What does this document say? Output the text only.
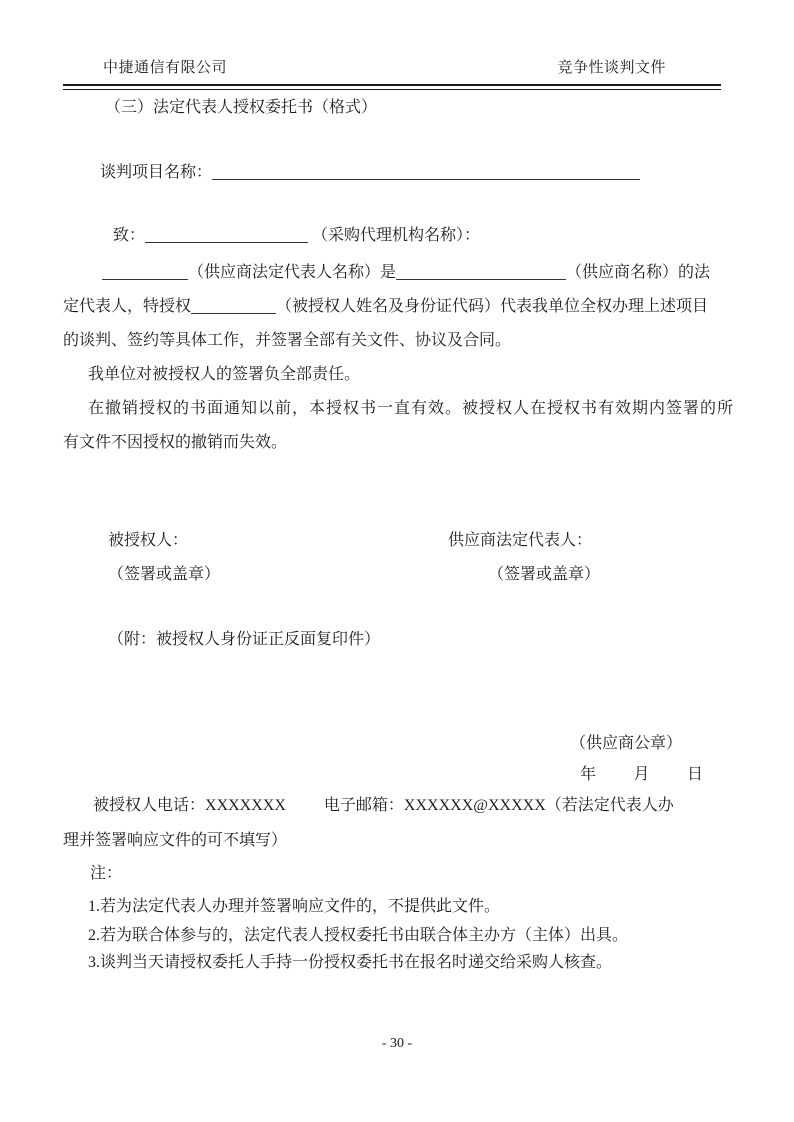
中捷通信有限公司	竞争性谈判文件
（三）法定代表人授权委托书（格式）
谈判项目名称：
致：	（采购代理机构名称）：
（供应商法定代表人名称）是	（供应商名称）的法
定代表人，特授权	（被授权人姓名及身份证代码）代表我单位全权办理上述项目
的谈判、签约等具体工作，并签署全部有关文件、协议及合同。
我单位对被授权人的签署负全部责任。
在撤销授权的书面通知以前，本授权书一直有效。被授权人在授权书有效期内签署的所
有文件不因授权的撤销而失效。
被授权人：	供应商法定代表人：
（签署或盖章）	（签署或盖章）
（附：被授权人身份证正反面复印件）
（供应商公章）
年 月 日
被授权人电话：XXXXXXX 电子邮箱：XXXXXX@XXXXX（若法定代表人办
理并签署响应文件的可不填写）
注：
1.若为法定代表人办理并签署响应文件的，不提供此文件。
2.若为联合体参与的，法定代表人授权委托书由联合体主办方（主体）出具。
3.谈判当天请授权委托人手持一份授权委托书在报名时递交给采购人核查。
- 30 -
